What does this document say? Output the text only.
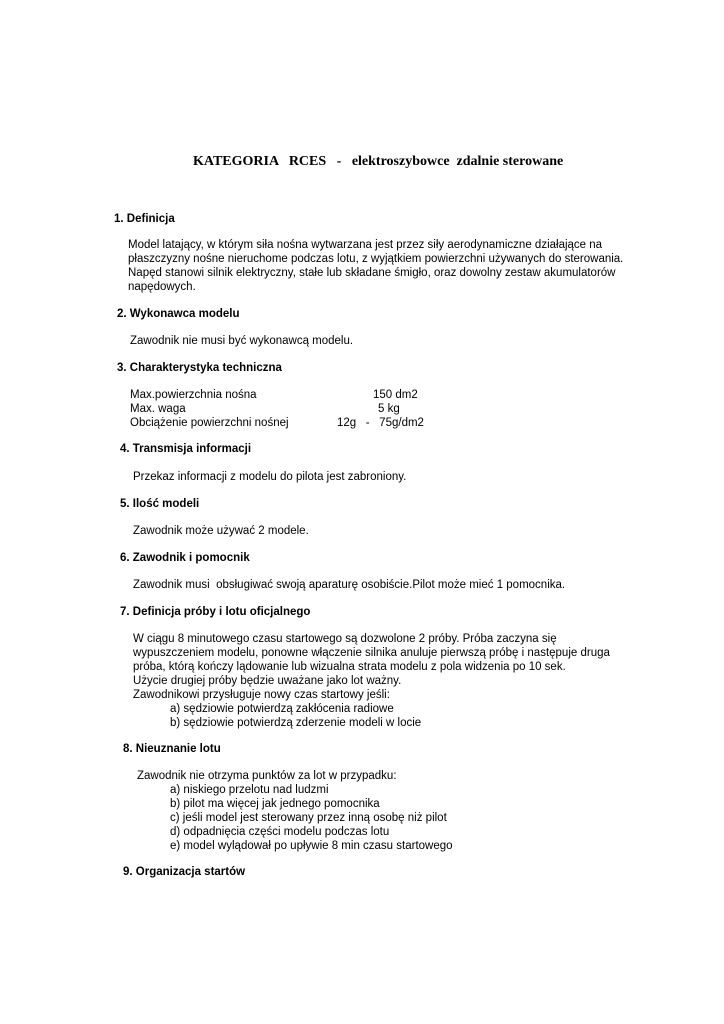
KATEGORIA   RCES   -   elektroszybowce  zdalnie sterowane
1. Definicja
Model latający, w którym siła nośna wytwarzana jest przez siły aerodynamiczne działające na
płaszczyzny nośne nieruchome podczas lotu, z wyjątkiem powierzchni używanych do sterowania.
Napęd stanowi silnik elektryczny, stałe lub składane śmigło, oraz dowolny zestaw akumulatorów
napędowych.
2. Wykonawca modelu
Zawodnik nie musi być wykonawcą modelu.
3. Charakterystyka techniczna
Max.powierzchnia nośna	150 dm2
Max. waga	5 kg
Obciążenie powierzchni nośnej	12g   -   75g/dm2
4. Transmisja informacji
Przekaz informacji z modelu do pilota jest zabroniony.
5. Ilość modeli
Zawodnik może używać 2 modele.
6. Zawodnik i pomocnik
Zawodnik musi  obsługiwać swoją aparaturę osobiście.Pilot może mieć 1 pomocnika.
7. Definicja próby i lotu oficjalnego
W ciągu 8 minutowego czasu startowego są dozwolone 2 próby. Próba zaczyna się
wypuszczeniem modelu, ponowne włączenie silnika anuluje pierwszą próbę i następuje druga
próba, którą kończy lądowanie lub wizualna strata modelu z pola widzenia po 10 sek.
Użycie drugiej próby będzie uważane jako lot ważny.
Zawodnikowi przysługuje nowy czas startowy jeśli:
a) sędziowie potwierdzą zakłócenia radiowe
b) sędziowie potwierdzą zderzenie modeli w locie
8. Nieuznanie lotu
Zawodnik nie otrzyma punktów za lot w przypadku:
a) niskiego przelotu nad ludzmi
b) pilot ma więcej jak jednego pomocnika
c) jeśli model jest sterowany przez inną osobę niż pilot
d) odpadnięcia części modelu podczas lotu
e) model wylądował po upływie 8 min czasu startowego
9. Organizacja startów
